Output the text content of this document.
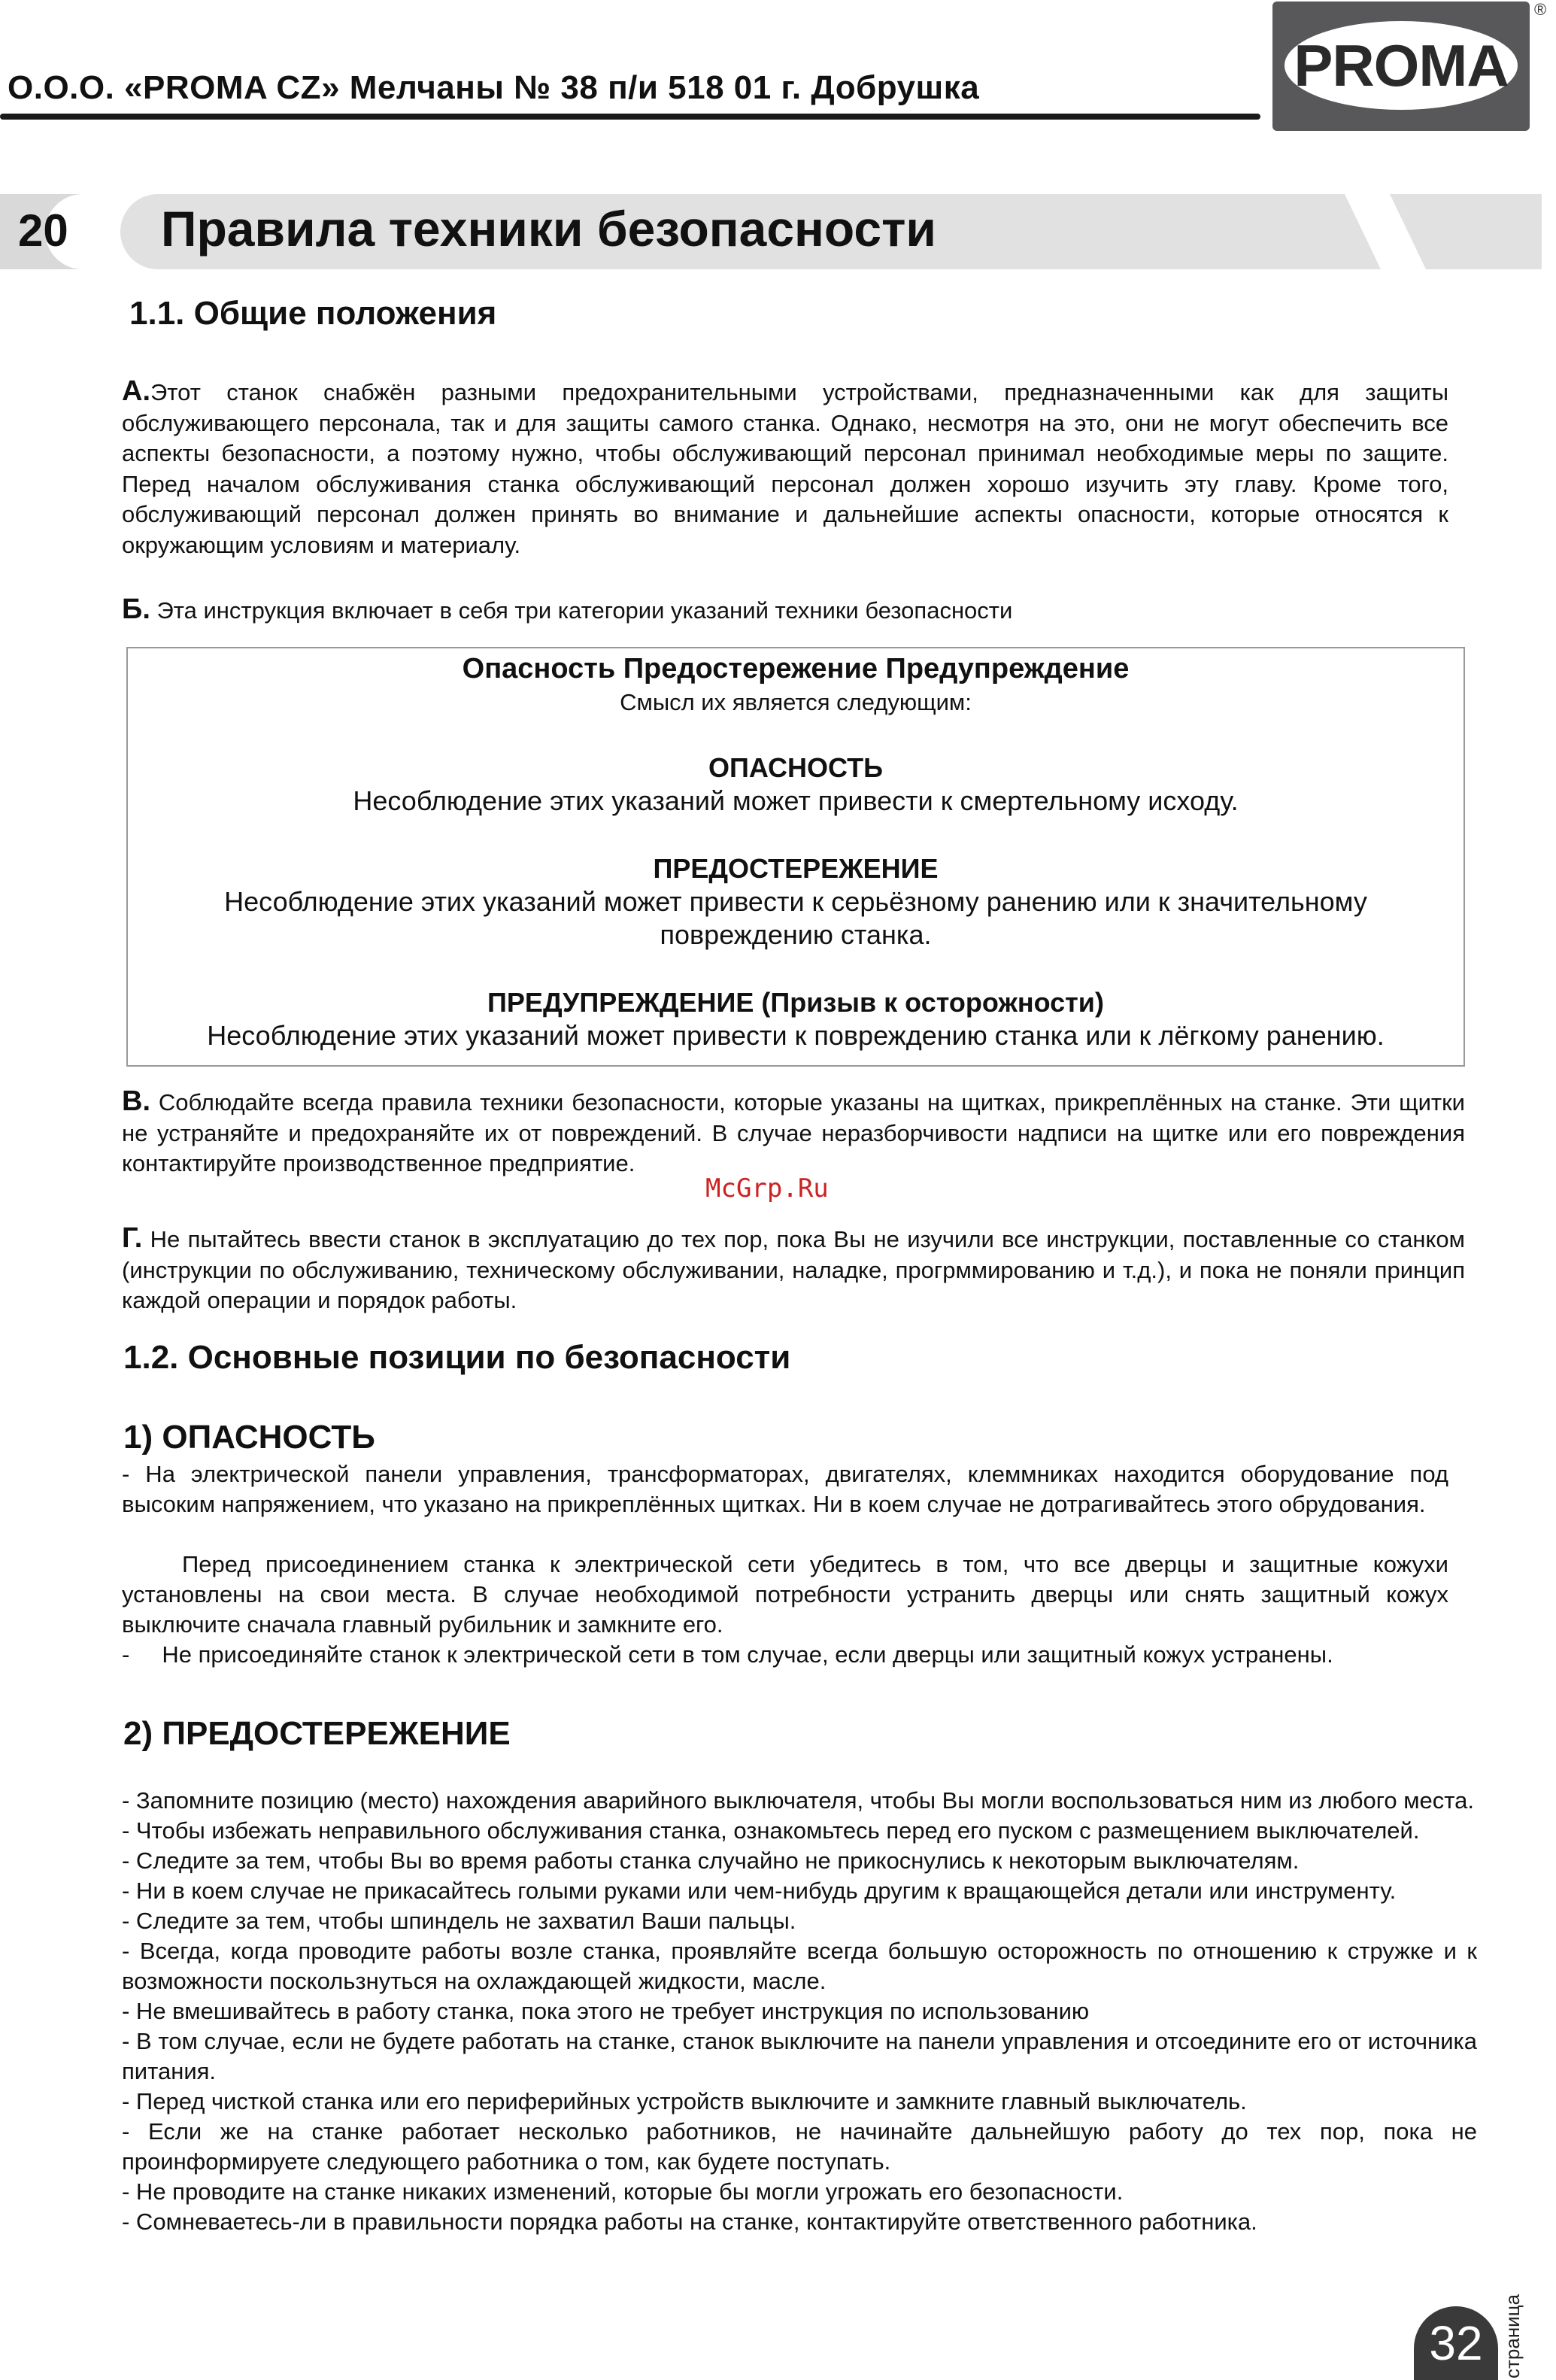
О.О.О. «PROMA CZ» Мелчаны № 38 п/и 518 01 г. Добрушка	PROMA
®
20 Правила техники безопасности
1.1. Общие положения
А.Этот станок снабжён разными предохранительными устройствами, предназначенными как для защиты обслуживающего персонала, так и для защиты самого станка. Однако, несмотря на это, они не могут обеспечить все аспекты безопасности, а поэтому нужно, чтобы обслуживающий персонал принимал необходимые меры по защите. Перед началом обслуживания станка обслуживающий персонал должен хорошо изучить эту главу. Кроме того, обслуживающий персонал должен принять во внимание и дальнейшие аспекты опасности, которые относятся к окружающим условиям и материалу.
Б. Эта инструкция включает в себя три категории указаний техники безопасности
Опасность Предостережение Предупреждение
Смысл их является следующим:
ОПАСНОСТЬ
Несоблюдение этих указаний может привести к смертельному исходу.
ПРЕДОСТЕРЕЖЕНИЕ
Несоблюдение этих указаний может привести к серьёзному ранению или к значительному
повреждению станка.
ПРЕДУПРЕЖДЕНИЕ (Призыв к осторожности)
Несоблюдение этих указаний может привести к повреждению станка или к лёгкому ранению.
В. Соблюдайте всегда правила техники безопасности, которые указаны на щитках, прикреплённых на станке. Эти щитки не устраняйте и предохраняйте их от повреждений. В случае неразборчивости надписи на щитке или его повреждения контактируйте производственное предприятие.
McGrp.Ru
Г. Не пытайтесь ввести станок в эксплуатацию до тех пор, пока Вы не изучили все инструкции, поставленные со станком (инструкции по обслуживанию, техническому обслуживании, наладке, прогрммированию и т.д.), и пока не поняли принцип каждой операции и порядок работы.
1.2. Основные позиции по безопасности
1) ОПАСНОСТЬ
- На электрической панели управления, трансформаторах, двигателях, клеммниках находится оборудование под высоким напряжением, что указано на прикреплённых щитках. Ни в коем случае не дотрагивайтесь этого обрудования.
Перед присоединением станка к электрической сети убедитесь в том, что все дверцы и защитные кожухи установлены на свои места. В случае необходимой потребности устранить дверцы или снять защитный кожух выключите сначала главный рубильник и замкните его.
-     Не присоединяйте станок к электрической сети в том случае, если дверцы или защитный кожух устранены.
2) ПРЕДОСТЕРЕЖЕНИЕ
- Запомните позицию (место) нахождения аварийного выключателя, чтобы Вы могли воспользоваться ним из любого места.
- Чтобы избежать неправильного обслуживания станка, ознакомьтесь перед его пуском с размещением выключателей.
- Следите за тем, чтобы Вы во время работы станка случайно не прикоснулись к некоторым выключателям.
- Ни в коем случае не прикасайтесь голыми руками или чем-нибудь другим к вращающейся детали или инструменту.
- Следите за тем, чтобы шпиндель не захватил Ваши пальцы.
- Всегда, когда проводите работы возле станка, проявляйте всегда большую осторожность по отношению к стружке и к возможности поскользнуться на охлаждающей жидкости, масле.
- Не вмешивайтесь в работу станка, пока этого не требует инструкция по использованию
- В том случае, если не будете работать на станке, станок выключите на панели управления и отсоедините его от источника питания.
- Перед чисткой станка или его периферийных устройств выключите и замкните главный выключатель.
- Если же на станке работает несколько работников, не начинайте дальнейшую работу до тех пор, пока не проинформируете следующего работника о том, как будете поступать.
- Не проводите на станке никаких изменений, которые бы могли угрожать его безопасности.
- Сомневаетесь-ли в правильности порядка работы на станке, контактируйте ответственного работника.
32 страница
